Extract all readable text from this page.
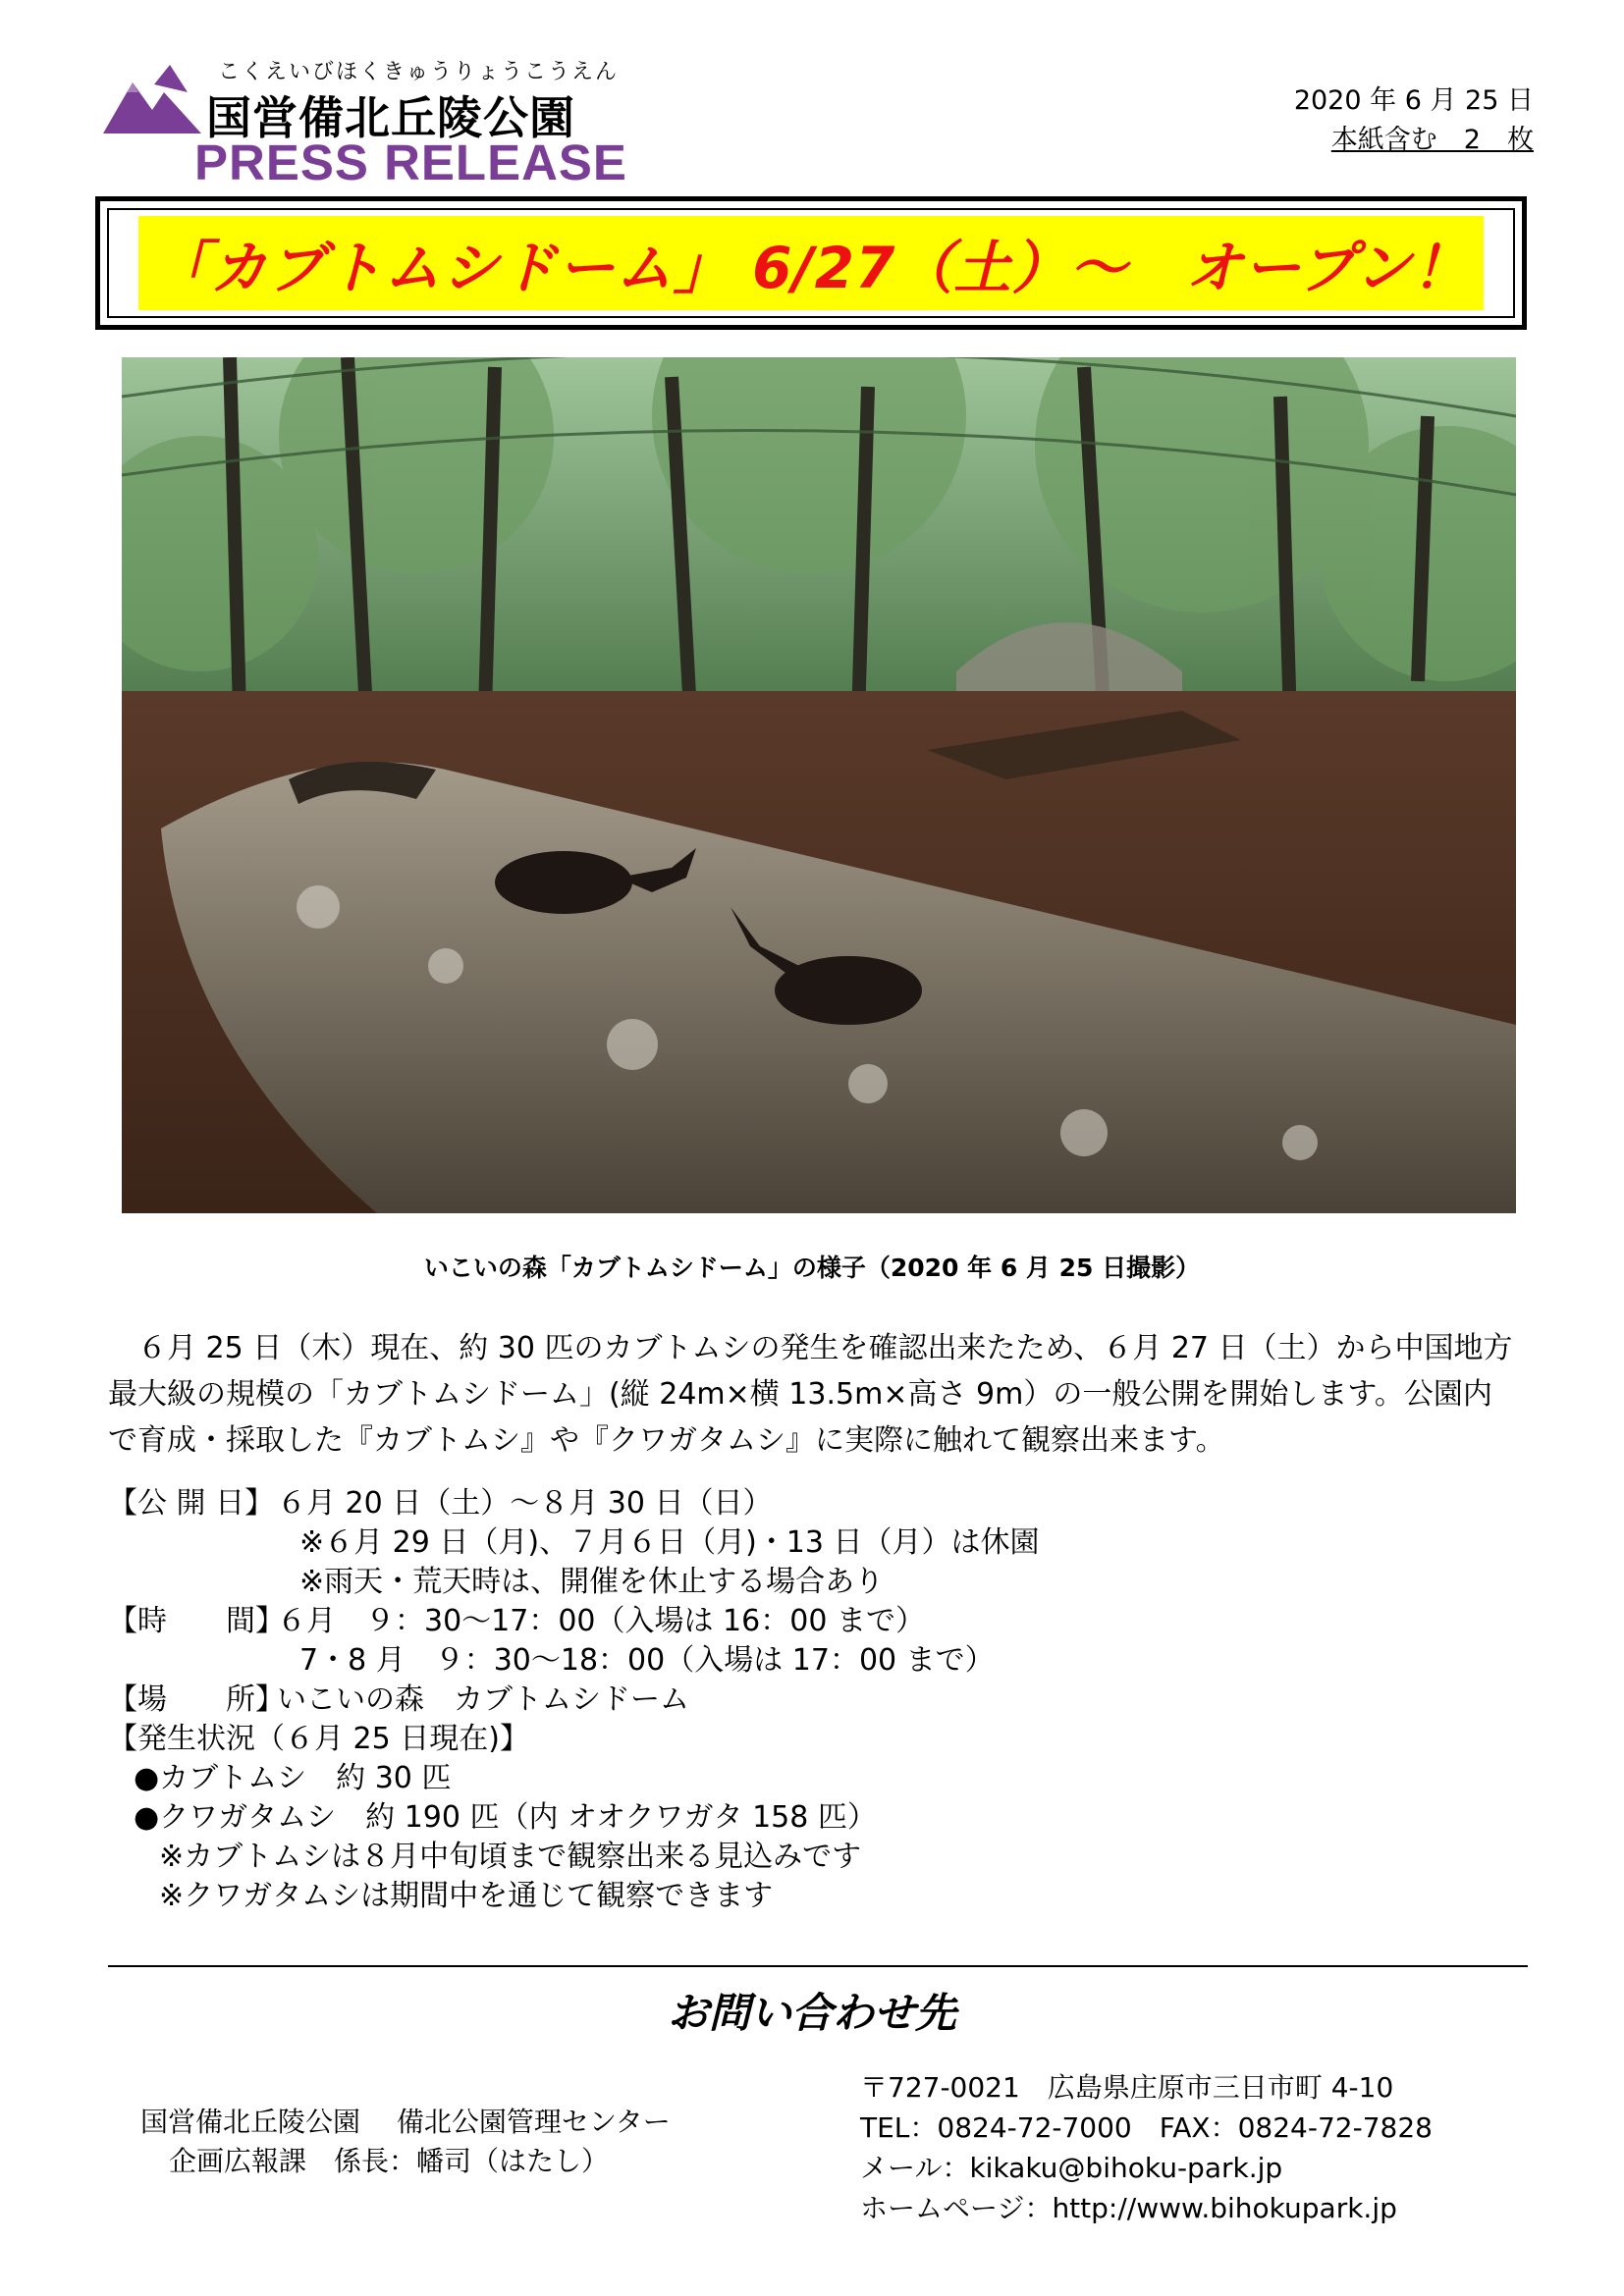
こくえいびほくきゅうりょうこうえん
国営備北丘陵公園
PRESS RELEASE
2020 年 6 月 25 日
本紙含む　2　枚
「カブトムシドーム」 6/27（土）～　オープン！
いこいの森「カブトムシドーム」の様子（2020 年 6 月 25 日撮影）
　６月 25 日（木）現在、約 30 匹のカブトムシの発生を確認出来たため、６月 27 日（土）から中国地方
最大級の規模の「カブトムシドーム」(縦 24m×横 13.5m×高さ 9m）の一般公開を開始します。公園内
で育成・採取した『カブトムシ』や『クワガタムシ』に実際に触れて観察出来ます。
【公 開 日】６月 20 日（土）～８月 30 日（日）
※６月 29 日（月)、７月６日（月)・13 日（月）は休園
※雨天・荒天時は、開催を休止する場合あり
【時　　間】６月　９：30～17：00（入場は 16：00 まで）
7・8 月　９：30～18：00（入場は 17：00 まで）
【場　　所】いこいの森　カブトムシドーム
【発生状況（６月 25 日現在)】
●カブトムシ　約 30 匹
●クワガタムシ　約 190 匹（内 オオクワガタ 158 匹）
※カブトムシは８月中旬頃まで観察出来る見込みです
※クワガタムシは期間中を通じて観察できます
お問い合わせ先
国営備北丘陵公園　 備北公園管理センター
企画広報課　係長：幡司（はたし）
〒727-0021　広島県庄原市三日市町 4-10
TEL：0824-72-7000　FAX：0824-72-7828
メール：kikaku@bihoku-park.jp
ホームページ：http://www.bihokupark.jp
